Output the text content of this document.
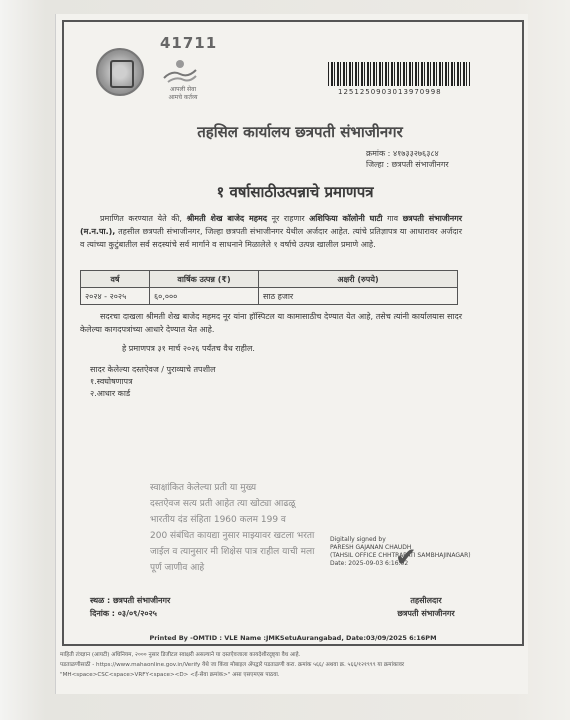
41711
आपली सेवा
आमचे कर्तव्य
1251250903013970998
तहसिल कार्यालय छत्रपती संभाजीनगर
क्रमांक : ४१७३३२७६३८४
जिल्हा : छत्रपती संभाजीनगर
१ वर्षासाठीउत्पन्नाचे प्रमाणपत्र
प्रमाणित करण्यात येते की, श्रीमती शेख बाजेद महमद नूर राहणार अशिफिया कॉलोनी घाटी गाव छत्रपती संभाजीनगर (म.न.पा.), तहसील छत्रपती संभाजीनगर, जिल्हा छत्रपती संभाजीनगर येथील अर्जदार आहेत. त्यांचे प्रतिज्ञापत्र या आधारावर अर्जदार व त्यांच्या कुटुंबातील सर्व सदस्यांचे सर्व मार्गाने व साधनाने मिळालेले १ वर्षाचे उत्पन्न खालील प्रमाणे आहे.
वर्ष	वार्षिक उत्पन्न (₹)	अक्षरी (रुपये)
२०२४ - २०२५	६०,०००	साठ हजार
सदरचा दाखला श्रीमती शेख बाजेद महमद नूर यांना हॉस्पिटल या कामासाठीच देण्यात येत आहे, तसेच त्यांनी कार्यालयास सादर केलेल्या कागदपत्रांच्या आधारे देण्यात येत आहे.
हे प्रमाणपत्र ३१ मार्च २०२६ पर्यंतच वैध राहील.
सादर केलेल्या दस्तऐवज / पुराव्याचे तपशील
१.स्वघोषणापत्र
२.आधार कार्ड
स्वाक्षांकित केलेल्या प्रती या मुख्य
दस्तऐवज सत्य प्रती आहेत त्या खोट्या आढळू
भारतीय दंड संहिता 1960 कलम 199 व
200 संबंधित कायद्या नुसार माझ्यावर खटला भरता
जाईल व त्यानुसार मी शिक्षेस पात्र राहील याची मला
पूर्ण जाणीव आहे
Digitally signed by
PARESH GAJANAN CHAUDH
(TAHSIL OFFICE CHHTRAPATI SAMBHAJINAGAR)
Date: 2025-09-03 6:16:02
✔
स्थळ : छत्रपती संभाजीनगर
दिनांक : ०३/०९/२०२५
तहसीलदार
छत्रपती संभाजीनगर
Printed By -OMTID : VLE Name :JMKSetuAurangabad, Date:03/09/2025 6:16PM
माहिती तंत्रज्ञान (आयटी) अधिनियम, २००० नुसार डिजीटल स्वाक्षरी असल्याने या दस्तऐवजाला कायदेशीरदृष्ट्या वैध आहे.
पडताळणीसाठी - https://www.mahaonline.gov.in/Verify येथे जा किंवा मोबाइल ॲपद्वारे पडताळणी करा. क्रमांक ५६६/ अथवा क्र. ५६६/१२१९९९ या क्रमांकावर
"MH<space>CSC<space>VRFY<space><D> <ई-सेवा क्रमांक>" असा एसएमएस पाठवा.
